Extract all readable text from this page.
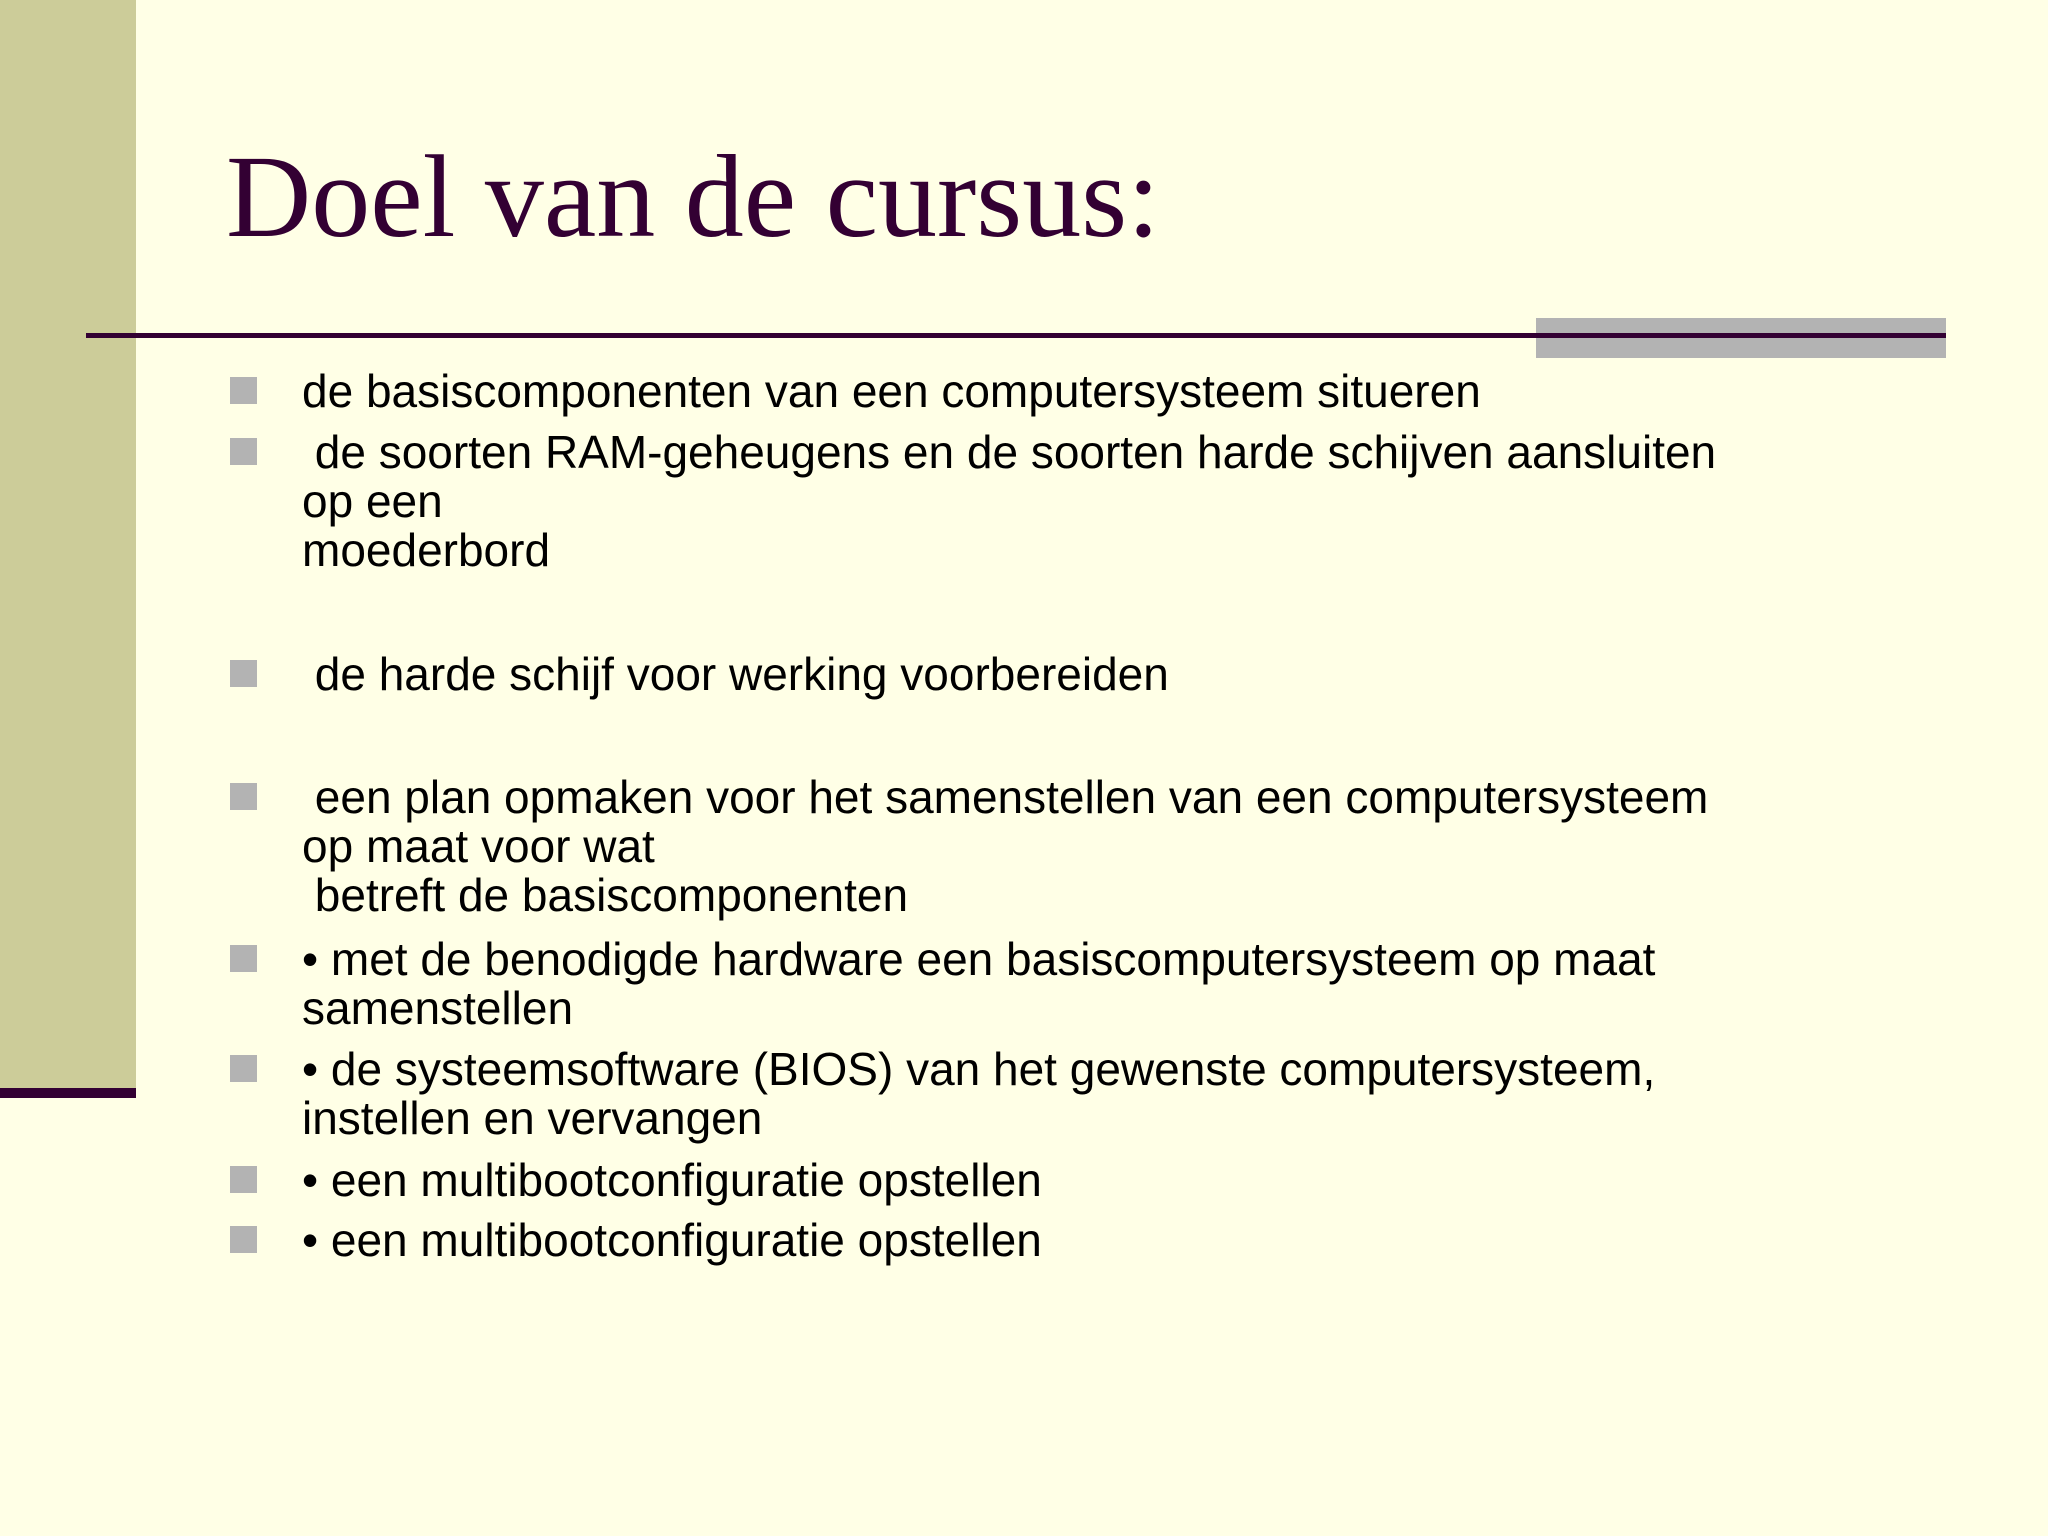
Doel van de cursus:
de basiscomponenten van een computersysteem situeren
de soorten RAM-geheugens en de soorten harde schijven aansluiten
op een
moederbord
de harde schijf voor werking voorbereiden
een plan opmaken voor het samenstellen van een computersysteem
op maat voor wat
betreft de basiscomponenten
• met de benodigde hardware een basiscomputersysteem op maat
samenstellen
• de systeemsoftware (BIOS) van het gewenste computersysteem,
instellen en vervangen
• een multibootconfiguratie opstellen
• een multibootconfiguratie opstellen
